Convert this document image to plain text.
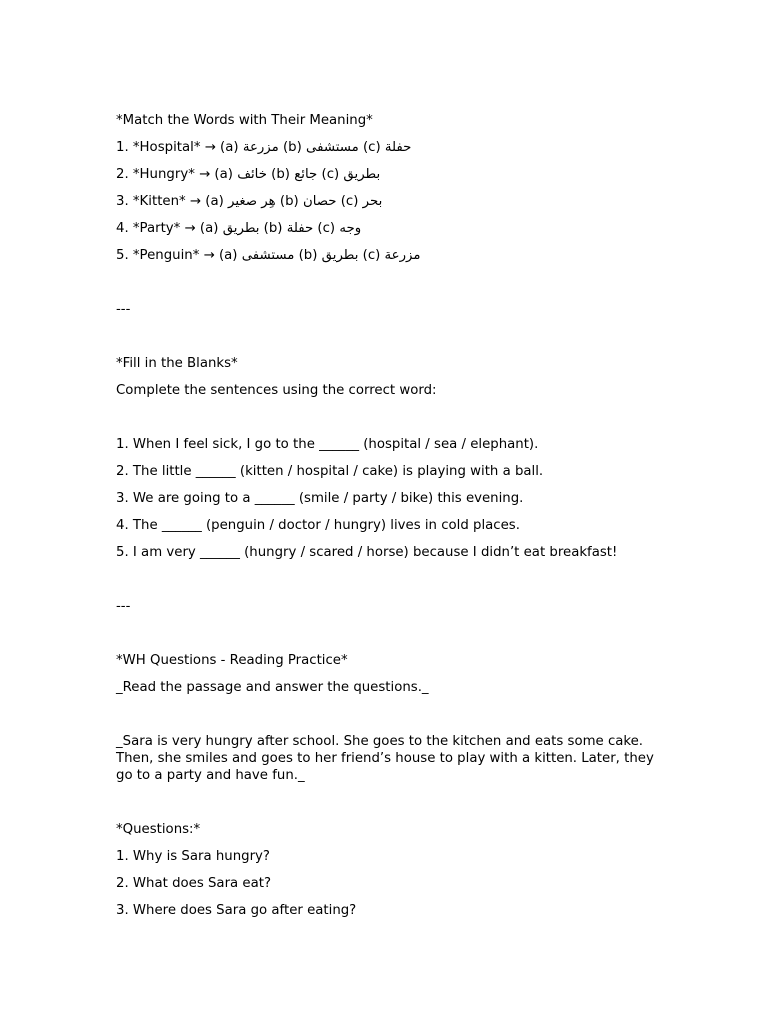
*Match the Words with Their Meaning*
1. *Hospital* → (a) مزرعة (b) مستشفى (c) حفلة
2. *Hungry* → (a) خائف (b) جائع (c) بطريق
3. *Kitten* → (a) هِر صغير (b) حصان (c) بحر
4. *Party* → (a) بطريق (b) حفلة (c) وجه
5. *Penguin* → (a) مستشفى (b) بطريق (c) مزرعة
---
*Fill in the Blanks*
Complete the sentences using the correct word:
1. When I feel sick, I go to the ______ (hospital / sea / elephant).
2. The little ______ (kitten / hospital / cake) is playing with a ball.
3. We are going to a ______ (smile / party / bike) this evening.
4. The ______ (penguin / doctor / hungry) lives in cold places.
5. I am very ______ (hungry / scared / horse) because I didn’t eat breakfast!
---
*WH Questions - Reading Practice*
_Read the passage and answer the questions._
_Sara is very hungry after school. She goes to the kitchen and eats some cake. Then, she smiles and goes to her friend’s house to play with a kitten. Later, they go to a party and have fun._
*Questions:*
1. Why is Sara hungry?
2. What does Sara eat?
3. Where does Sara go after eating?
